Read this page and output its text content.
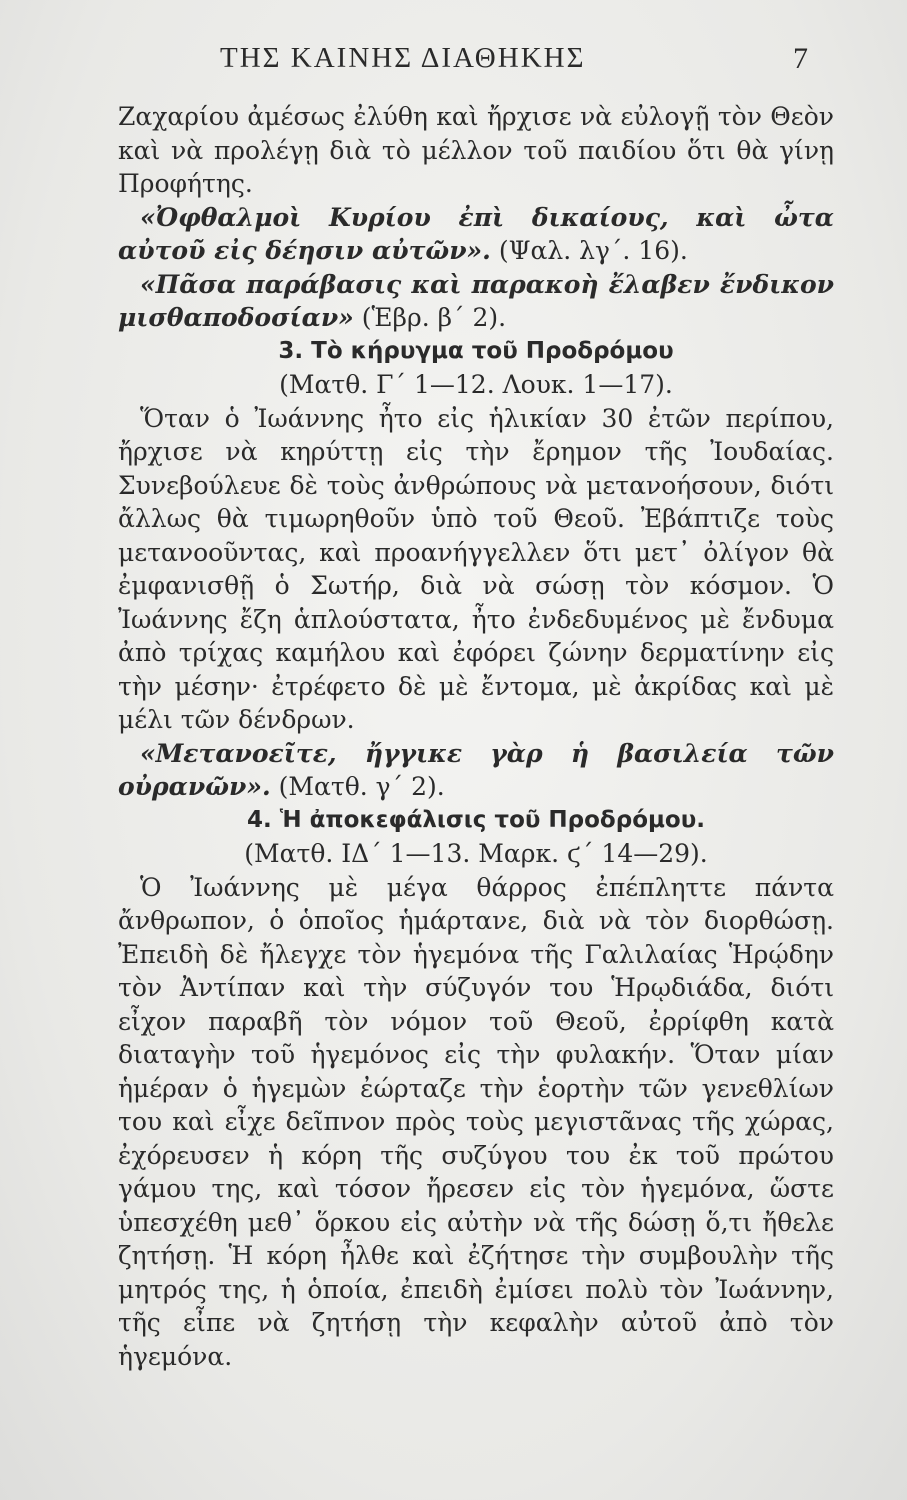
ΤΗΣ ΚΑΙΝΗΣ ΔΙΑΘΗΚΗΣ	7

Ζαχαρίου ἀμέσως ἐλύθη καὶ ἤρχισε νὰ εὐλογῇ τὸν Θεὸν καὶ νὰ προλέγῃ διὰ τὸ μέλλον τοῦ παιδίου ὅτι θὰ γίνῃ Προφήτης.

«Ὀφθαλμοὶ Κυρίου ἐπὶ δικαίους, καὶ ὦτα αὐτοῦ εἰς δέησιν αὐτῶν». (Ψαλ. λγ΄. 16).

«Πᾶσα παράβασις καὶ παρακοὴ ἔλαβεν ἔνδικον μισθαποδοσίαν» (Ἑβρ. β΄ 2).

3. Τὸ κήρυγμα τοῦ Προδρόμου

(Ματθ. Γ΄ 1—12. Λουκ. 1—17).

Ὅταν ὁ Ἰωάννης ἦτο εἰς ἡλικίαν 30 ἐτῶν περίπου, ἤρχισε νὰ κηρύττῃ εἰς τὴν ἔρημον τῆς Ἰουδαίας. Συνεβούλευε δὲ τοὺς ἀνθρώπους νὰ μετανοήσουν, διότι ἄλλως θὰ τιμωρηθοῦν ὑπὸ τοῦ Θεοῦ. Ἐβάπτιζε τοὺς μετανοοῦντας, καὶ προανήγγελλεν ὅτι μετ᾽ ὀλίγον θὰ ἐμφανισθῇ ὁ Σωτήρ, διὰ νὰ σώσῃ τὸν κόσμον. Ὁ Ἰωάννης ἔζη ἁπλούστατα, ἦτο ἐνδεδυμένος μὲ ἔνδυμα ἀπὸ τρίχας καμήλου καὶ ἐφόρει ζώνην δερματίνην εἰς τὴν μέσην· ἐτρέφετο δὲ μὲ ἔντομα, μὲ ἀκρίδας καὶ μὲ μέλι τῶν δένδρων.

«Μετανοεῖτε, ἤγγικε γὰρ ἡ βασιλεία τῶν οὐρανῶν». (Ματθ. γ΄ 2).

4. Ἡ ἀποκεφάλισις τοῦ Προδρόμου.

(Ματθ. ΙΔ΄ 1—13. Μαρκ. ϛ΄ 14—29).

Ὁ Ἰωάννης μὲ μέγα θάρρος ἐπέπληττε πάντα ἄνθρωπον, ὁ ὁποῖος ἡμάρτανε, διὰ νὰ τὸν διορθώσῃ. Ἐπειδὴ δὲ ἤλεγχε τὸν ἡγεμόνα τῆς Γαλιλαίας Ἡρῴδην τὸν Ἀντίπαν καὶ τὴν σύζυγόν του Ἡρῳδιάδα, διότι εἶχον παραβῆ τὸν νόμον τοῦ Θεοῦ, ἐρρίφθη κατὰ διαταγὴν τοῦ ἡγεμόνος εἰς τὴν φυλακήν. Ὅταν μίαν ἡμέραν ὁ ἡγεμὼν ἐώρταζε τὴν ἑορτὴν τῶν γενεθλίων του καὶ εἶχε δεῖπνον πρὸς τοὺς μεγιστᾶνας τῆς χώρας, ἐχόρευσεν ἡ κόρη τῆς συζύγου του ἐκ τοῦ πρώτου γάμου της, καὶ τόσον ἤρεσεν εἰς τὸν ἡγεμόνα, ὥστε ὑπεσχέθη μεθ᾽ ὅρκου εἰς αὐτὴν νὰ τῆς δώσῃ ὅ,τι ἤθελε ζητήσῃ. Ἡ κόρη ἦλθε καὶ ἐζήτησε τὴν συμβουλὴν τῆς μητρός της, ἡ ὁποία, ἐπειδὴ ἐμίσει πολὺ τὸν Ἰωάννην, τῆς εἶπε νὰ ζητήσῃ τὴν κεφαλὴν αὐτοῦ ἀπὸ τὸν ἡγεμόνα.
